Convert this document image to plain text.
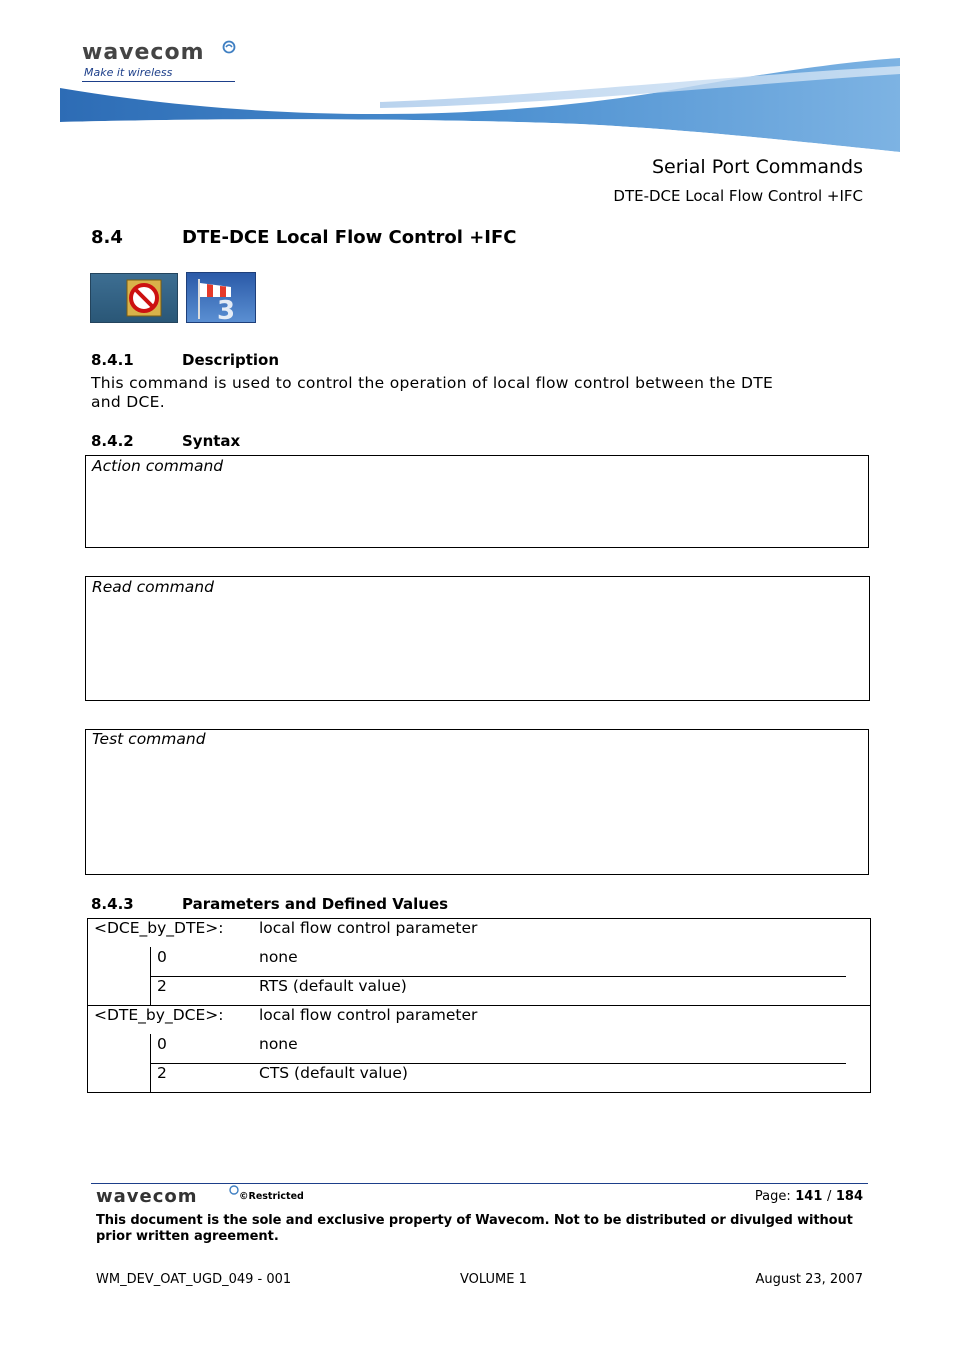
wavecom
Make it wireless
Serial Port Commands
DTE-DCE Local Flow Control +IFC
8.4	DTE-DCE Local Flow Control +IFC
3
8.4.1	Description
This command is used to control the operation of local flow control between the DTE
and DCE.
8.4.2	Syntax
Action command
Read command
Test command
8.4.3	Parameters and Defined Values
<DCE_by_DTE>: local flow control parameter
0	none
2	RTS (default value)
<DTE_by_DCE>: local flow control parameter
0	none
2	CTS (default value)
wavecom	©Restricted	Page: 141 / 184
This document is the sole and exclusive property of Wavecom. Not to be distributed or divulged without
prior written agreement.
WM_DEV_OAT_UGD_049 - 001	VOLUME 1	August 23, 2007
